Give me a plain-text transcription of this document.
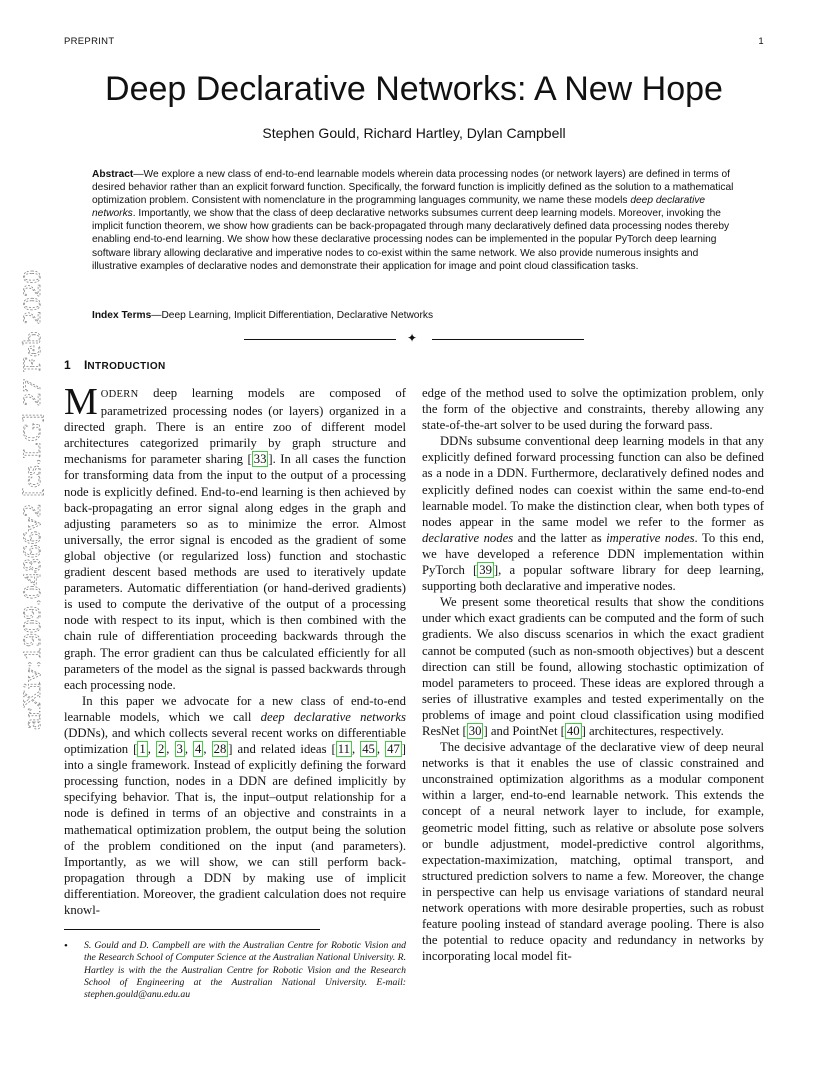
PREPRINT	1
arXiv:1909.04866v2 [cs.LG] 27 Feb 2020
Deep Declarative Networks: A New Hope
Stephen Gould, Richard Hartley, Dylan Campbell

Abstract—We explore a new class of end-to-end learnable models wherein data processing nodes (or network layers) are defined in terms of desired behavior rather than an explicit forward function. Specifically, the forward function is implicitly defined as the solution to a mathematical optimization problem. Consistent with nomenclature in the programming languages community, we name these models deep declarative networks. Importantly, we show that the class of deep declarative networks subsumes current deep learning models. Moreover, invoking the implicit function theorem, we show how gradients can be back-propagated through many declaratively defined data processing nodes thereby enabling end-to-end learning. We show how these declarative processing nodes can be implemented in the popular PyTorch deep learning software library allowing declarative and imperative nodes to co-exist within the same network. We also provide numerous insights and illustrative examples of declarative nodes and demonstrate their application for image and point cloud classification tasks.

Index Terms—Deep Learning, Implicit Differentiation, Declarative Networks

✦
1 INTRODUCTION

MODERN deep learning models are composed of parametrized processing nodes (or layers) organized in a directed graph. There is an entire zoo of different model architectures categorized primarily by graph structure and mechanisms for parameter sharing [ 33 ]. In all cases the function for transforming data from the input to the output of a processing node is explicitly defined. End-to-end learning is then achieved by back-propagating an error signal along edges in the graph and adjusting parameters so as to minimize the error. Almost universally, the error signal is encoded as the gradient of some global objective (or regularized loss) function and stochastic gradient descent based methods are used to iteratively update parameters. Automatic differentiation (or hand-derived gradients) is used to compute the derivative of the output of a processing node with respect to its input, which is then combined with the chain rule of differentiation proceeding backwards through the graph. The error gradient can thus be calculated efficiently for all parameters of the model as the signal is passed backwards through each processing node.

In this paper we advocate for a new class of end-to-end learnable models, which we call deep declarative networks (DDNs), and which collects several recent works on differentiable optimization [ 1 , 2 , 3 , 4 , 28 ] and related ideas [ 11 , 45 , 47 ] into a single framework. Instead of explicitly defining the forward processing function, nodes in a DDN are defined implicitly by specifying behavior. That is, the input–output relationship for a node is defined in terms of an objective and constraints in a mathematical optimization problem, the output being the solution of the problem conditioned on the input (and parameters). Importantly, as we will show, we can still perform back-propagation through a DDN by making use of implicit differentiation. Moreover, the gradient calculation does not require knowl-

• S. Gould and D. Campbell are with the Australian Centre for Robotic Vision and the Research School of Computer Science at the Australian National University. R. Hartley is with the the Australian Centre for Robotic Vision and the Research School of Engineering at the Australian National University. E-mail: stephen.gould@anu.edu.au

edge of the method used to solve the optimization problem, only the form of the objective and constraints, thereby allowing any state-of-the-art solver to be used during the forward pass.

DDNs subsume conventional deep learning models in that any explicitly defined forward processing function can also be defined as a node in a DDN. Furthermore, declaratively defined nodes and explicitly defined nodes can coexist within the same end-to-end learnable model. To make the distinction clear, when both types of nodes appear in the same model we refer to the former as declarative nodes and the latter as imperative nodes. To this end, we have developed a reference DDN implementation within PyTorch [ 39 ], a popular software library for deep learning, supporting both declarative and imperative nodes.

We present some theoretical results that show the conditions under which exact gradients can be computed and the form of such gradients. We also discuss scenarios in which the exact gradient cannot be computed (such as non-smooth objectives) but a descent direction can still be found, allowing stochastic optimization of model parameters to proceed. These ideas are explored through a series of illustrative examples and tested experimentally on the problems of image and point cloud classification using modified ResNet [ 30 ] and PointNet [ 40 ] architectures, respectively.

The decisive advantage of the declarative view of deep neural networks is that it enables the use of classic constrained and unconstrained optimization algorithms as a modular component within a larger, end-to-end learnable network. This extends the concept of a neural network layer to include, for example, geometric model fitting, such as relative or absolute pose solvers or bundle adjustment, model-predictive control algorithms, expectation-maximization, matching, optimal transport, and structured prediction solvers to name a few. Moreover, the change in perspective can help us envisage variations of standard neural network operations with more desirable properties, such as robust feature pooling instead of standard average pooling. There is also the potential to reduce opacity and redundancy in networks by incorporating local model fit-
